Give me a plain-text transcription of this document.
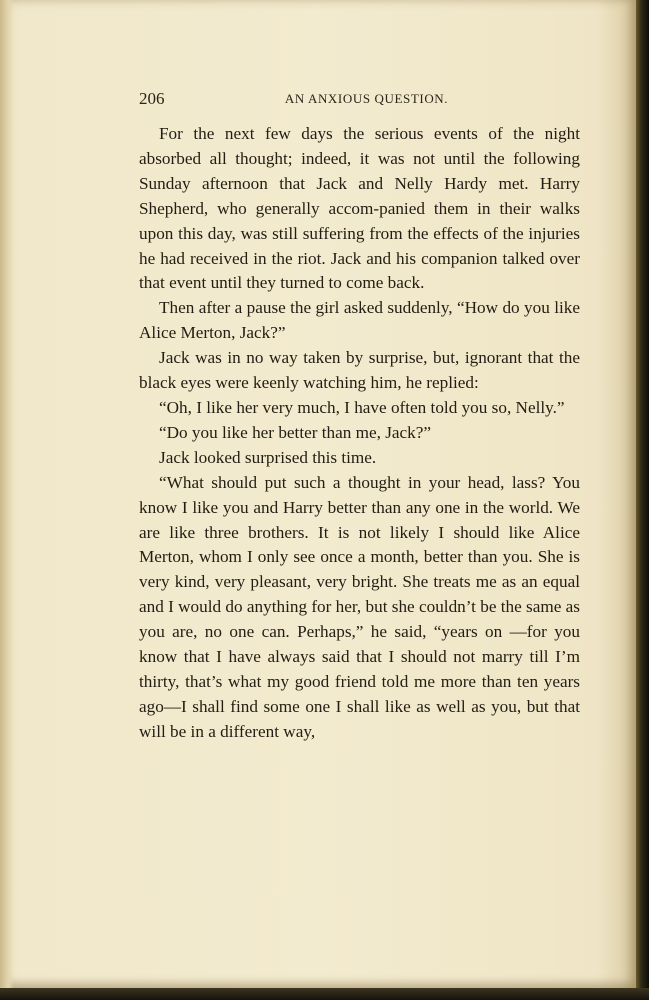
206	AN ANXIOUS QUESTION.

For the next few days the serious events of the night absorbed all thought; indeed, it was not until the following Sunday afternoon that Jack and Nelly Hardy met. Harry Shepherd, who generally accom-panied them in their walks upon this day, was still suffering from the effects of the injuries he had received in the riot. Jack and his companion talked over that event until they turned to come back.

Then after a pause the girl asked suddenly, “How do you like Alice Merton, Jack?”

Jack was in no way taken by surprise, but, ignorant that the black eyes were keenly watching him, he replied:

“Oh, I like her very much, I have often told you so, Nelly.”

“Do you like her better than me, Jack?”

Jack looked surprised this time.

“What should put such a thought in your head, lass? You know I like you and Harry better than any one in the world. We are like three brothers. It is not likely I should like Alice Merton, whom I only see once a month, better than you. She is very kind, very pleasant, very bright. She treats me as an equal and I would do anything for her, but she couldn’t be the same as you are, no one can. Perhaps,” he said, “years on —for you know that I have always said that I should not marry till I’m thirty, that’s what my good friend told me more than ten years ago—I shall find some one I shall like as well as you, but that will be in a different way,
